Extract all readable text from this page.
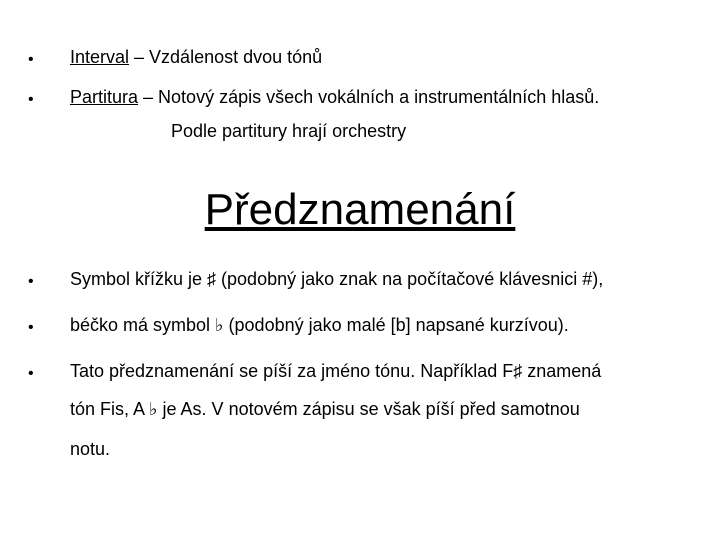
• Interval – Vzdálenost dvou tónů
• Partitura – Notový zápis všech vokálních a instrumentálních hlasů.
Podle partitury hrají orchestry
Předznamenání
• Symbol křížku je ♯ (podobný jako znak na počítačové klávesnici #),
• béčko má symbol ♭ (podobný jako malé [b] napsané kurzívou).
• Tato předznamenání se píší za jméno tónu. Například F♯ znamená
tón Fis, A ♭ je As. V notovém zápisu se však píší před samotnou
notu.
